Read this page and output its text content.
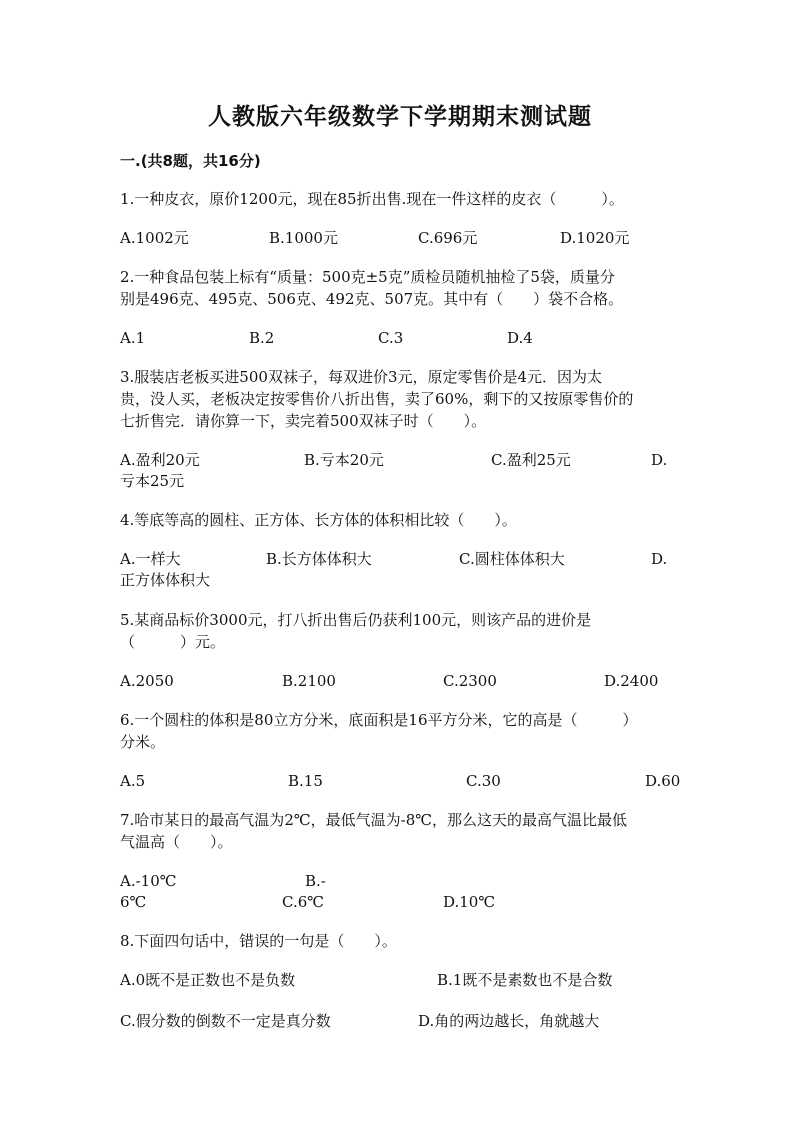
人教版六年级数学下学期期末测试题
一.(共8题，共16分)
1.一种皮衣，原价1200元，现在85折出售.现在一件这样的皮衣（　　　）。
A.1002元	B.1000元	C.696元	D.1020元
2.一种食品包装上标有“质量：500克±5克”质检员随机抽检了5袋，质量分
别是496克、495克、506克、492克、507克。其中有（　　）袋不合格。
A.1	B.2	C.3	D.4
3.服装店老板买进500双袜子，每双进价3元，原定零售价是4元．因为太
贵，没人买，老板决定按零售价八折出售，卖了60%，剩下的又按原零售价的
七折售完．请你算一下，卖完着500双袜子时（　　）。
A.盈利20元	B.亏本20元	C.盈利25元	D.
亏本25元
4.等底等高的圆柱、正方体、长方体的体积相比较（　　）。
A.一样大	B.长方体体积大	C.圆柱体体积大	D.
正方体体积大
5.某商品标价3000元，打八折出售后仍获利100元，则该产品的进价是
（　　　）元。
A.2050	B.2100	C.2300	D.2400
6.一个圆柱的体积是80立方分米，底面积是16平方分米，它的高是（　　　）
分米。
A.5	B.15	C.30	D.60
7.哈市某日的最高气温为2℃，最低气温为-8℃，那么这天的最高气温比最低
气温高（　　）。
A.-10℃	B.-
6℃	C.6℃	D.10℃
8.下面四句话中，错误的一句是（　　）。
A.0既不是正数也不是负数	B.1既不是素数也不是合数
C.假分数的倒数不一定是真分数	D.角的两边越长，角就越大
